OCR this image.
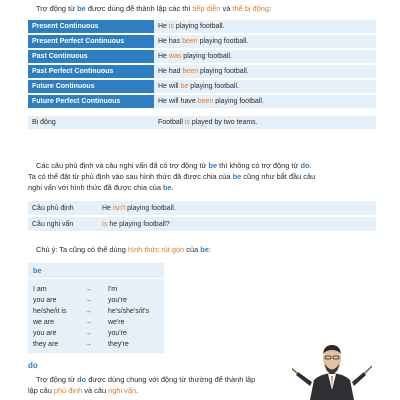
Trợ động từ be được dùng để thành lập các thì tiếp diễn và thể bị động:
Present Continuous	He is playing football.
Present Perfect Continuous	He has been playing football.
Past Continuous	He was playing football.
Past Perfect Continuous	He had been playing football.
Future Continuous	He will be playing football.
Future Perfect Continuous	He will have been playing football.

Bị động	Football is played by two teams.
Các câu phủ định và câu nghi vấn đã có trợ động từ be thì không có trợ động từ do.
Ta có thể đặt từ phủ định vào sau hình thức đã được chia của be cũng như bắt đầu câu
nghi vấn với hình thức đã được chia của be.
Câu phủ định	He isn't playing football.
Câu nghi vấn	Is he playing football?
Chú ý: Ta cũng có thể dùng hình thức rút gọn của be:
be
I am	→ I'm
you are	→ you're
he/she/it is	→ he's/she's/it's
we are	→ we're
you are	→ you're
they are	→ they're
do
Trợ động từ do được dùng chung với động từ thường để thành lập
lập câu phủ định và câu nghi vấn.
